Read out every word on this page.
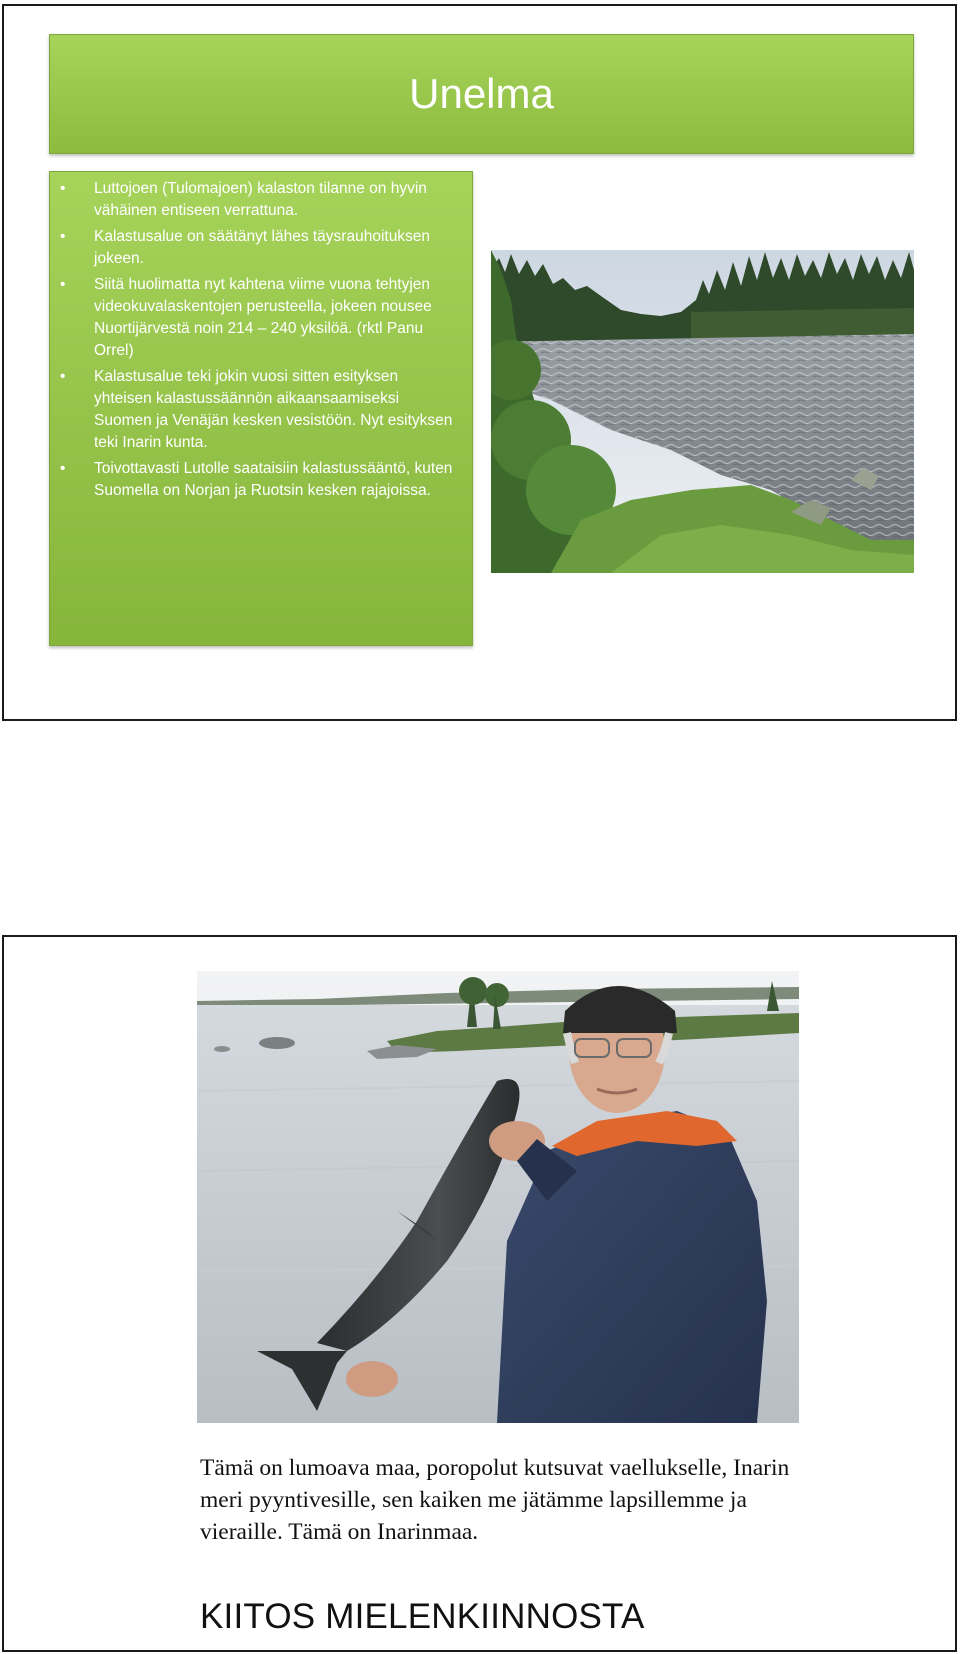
Unelma
• Luttojoen (Tulomajoen) kalaston tilanne on hyvin vähäinen entiseen verrattuna.
• Kalastusalue on säätänyt lähes täysrauhoituksen jokeen.
• Siitä huolimatta nyt kahtena viime vuona tehtyjen videokuvalaskentojen perusteella, jokeen nousee Nuortijärvestä noin 214 – 240 yksilöä. (rktl Panu Orrel)
• Kalastusalue teki jokin vuosi sitten esityksen yhteisen kalastussäännön aikaansaamiseksi Suomen ja Venäjän kesken vesistöön. Nyt esityksen teki Inarin kunta.
• Toivottavasti Lutolle saataisiin kalastussääntö, kuten Suomella on Norjan ja Ruotsin kesken rajajoissa.

Tämä on lumoava maa, poropolut kutsuvat vaellukselle, Inarin meri pyyntivesille, sen kaiken me jätämme lapsillemme ja vieraille. Tämä on Inarinmaa.

KIITOS MIELENKIINNOSTA
